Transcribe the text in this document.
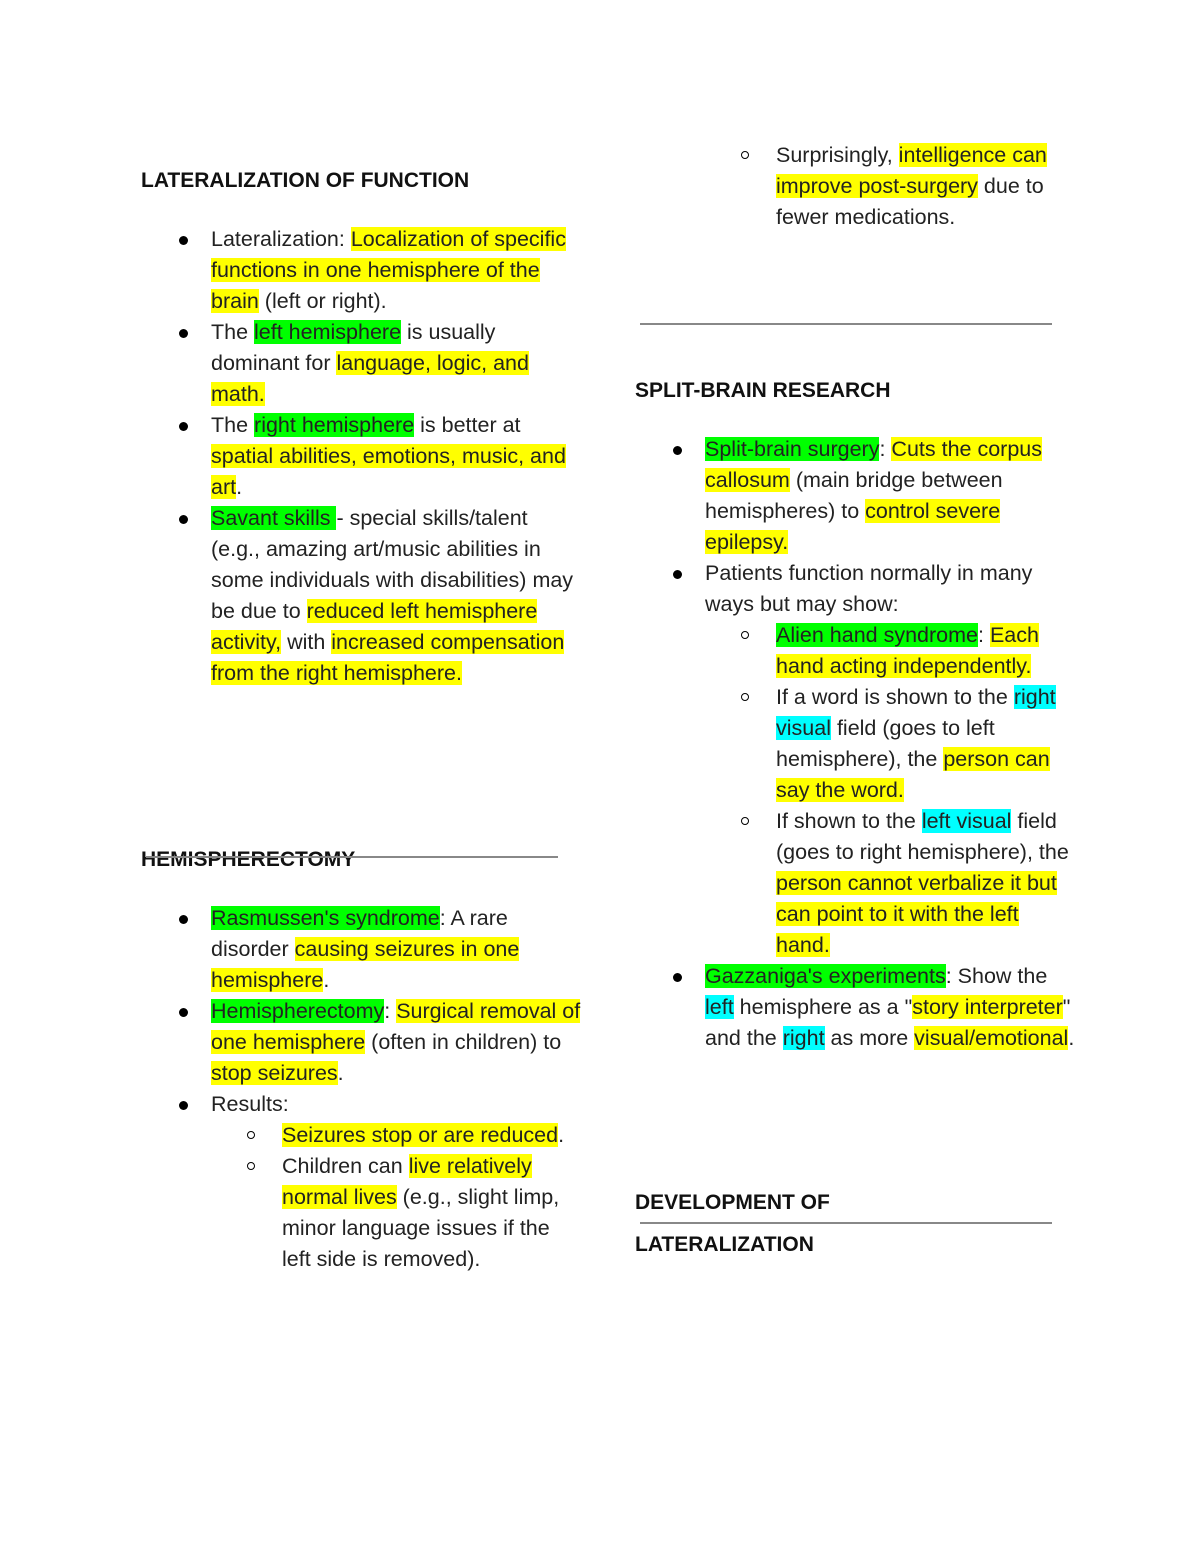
LATERALIZATION OF FUNCTION
Lateralization: Localization of specific functions in one hemisphere of the brain (left or right).
The left hemisphere is usually dominant for language, logic, and math.
The right hemisphere is better at spatial abilities, emotions, music, and art.
Savant skills - special skills/talent (e.g., amazing art/music abilities in some individuals with disabilities) may be due to reduced left hemisphere activity, with increased compensation from the right hemisphere.
HEMISPHERECTOMY
Rasmussen's syndrome: A rare disorder causing seizures in one hemisphere.
Hemispherectomy: Surgical removal of one hemisphere (often in children) to stop seizures.
Results:
Seizures stop or are reduced.
Children can live relatively normal lives (e.g., slight limp, minor language issues if the left side is removed).
Surprisingly, intelligence can improve post-surgery due to fewer medications.
SPLIT-BRAIN RESEARCH
Split-brain surgery: Cuts the corpus callosum (main bridge between hemispheres) to control severe epilepsy.
Patients function normally in many ways but may show:
Alien hand syndrome: Each hand acting independently.
If a word is shown to the right visual field (goes to left hemisphere), the person can say the word.
If shown to the left visual field (goes to right hemisphere), the person cannot verbalize it but can point to it with the left hand.
Gazzaniga's experiments: Show the left hemisphere as a "story interpreter" and the right as more visual/emotional.
DEVELOPMENT OF
LATERALIZATION
